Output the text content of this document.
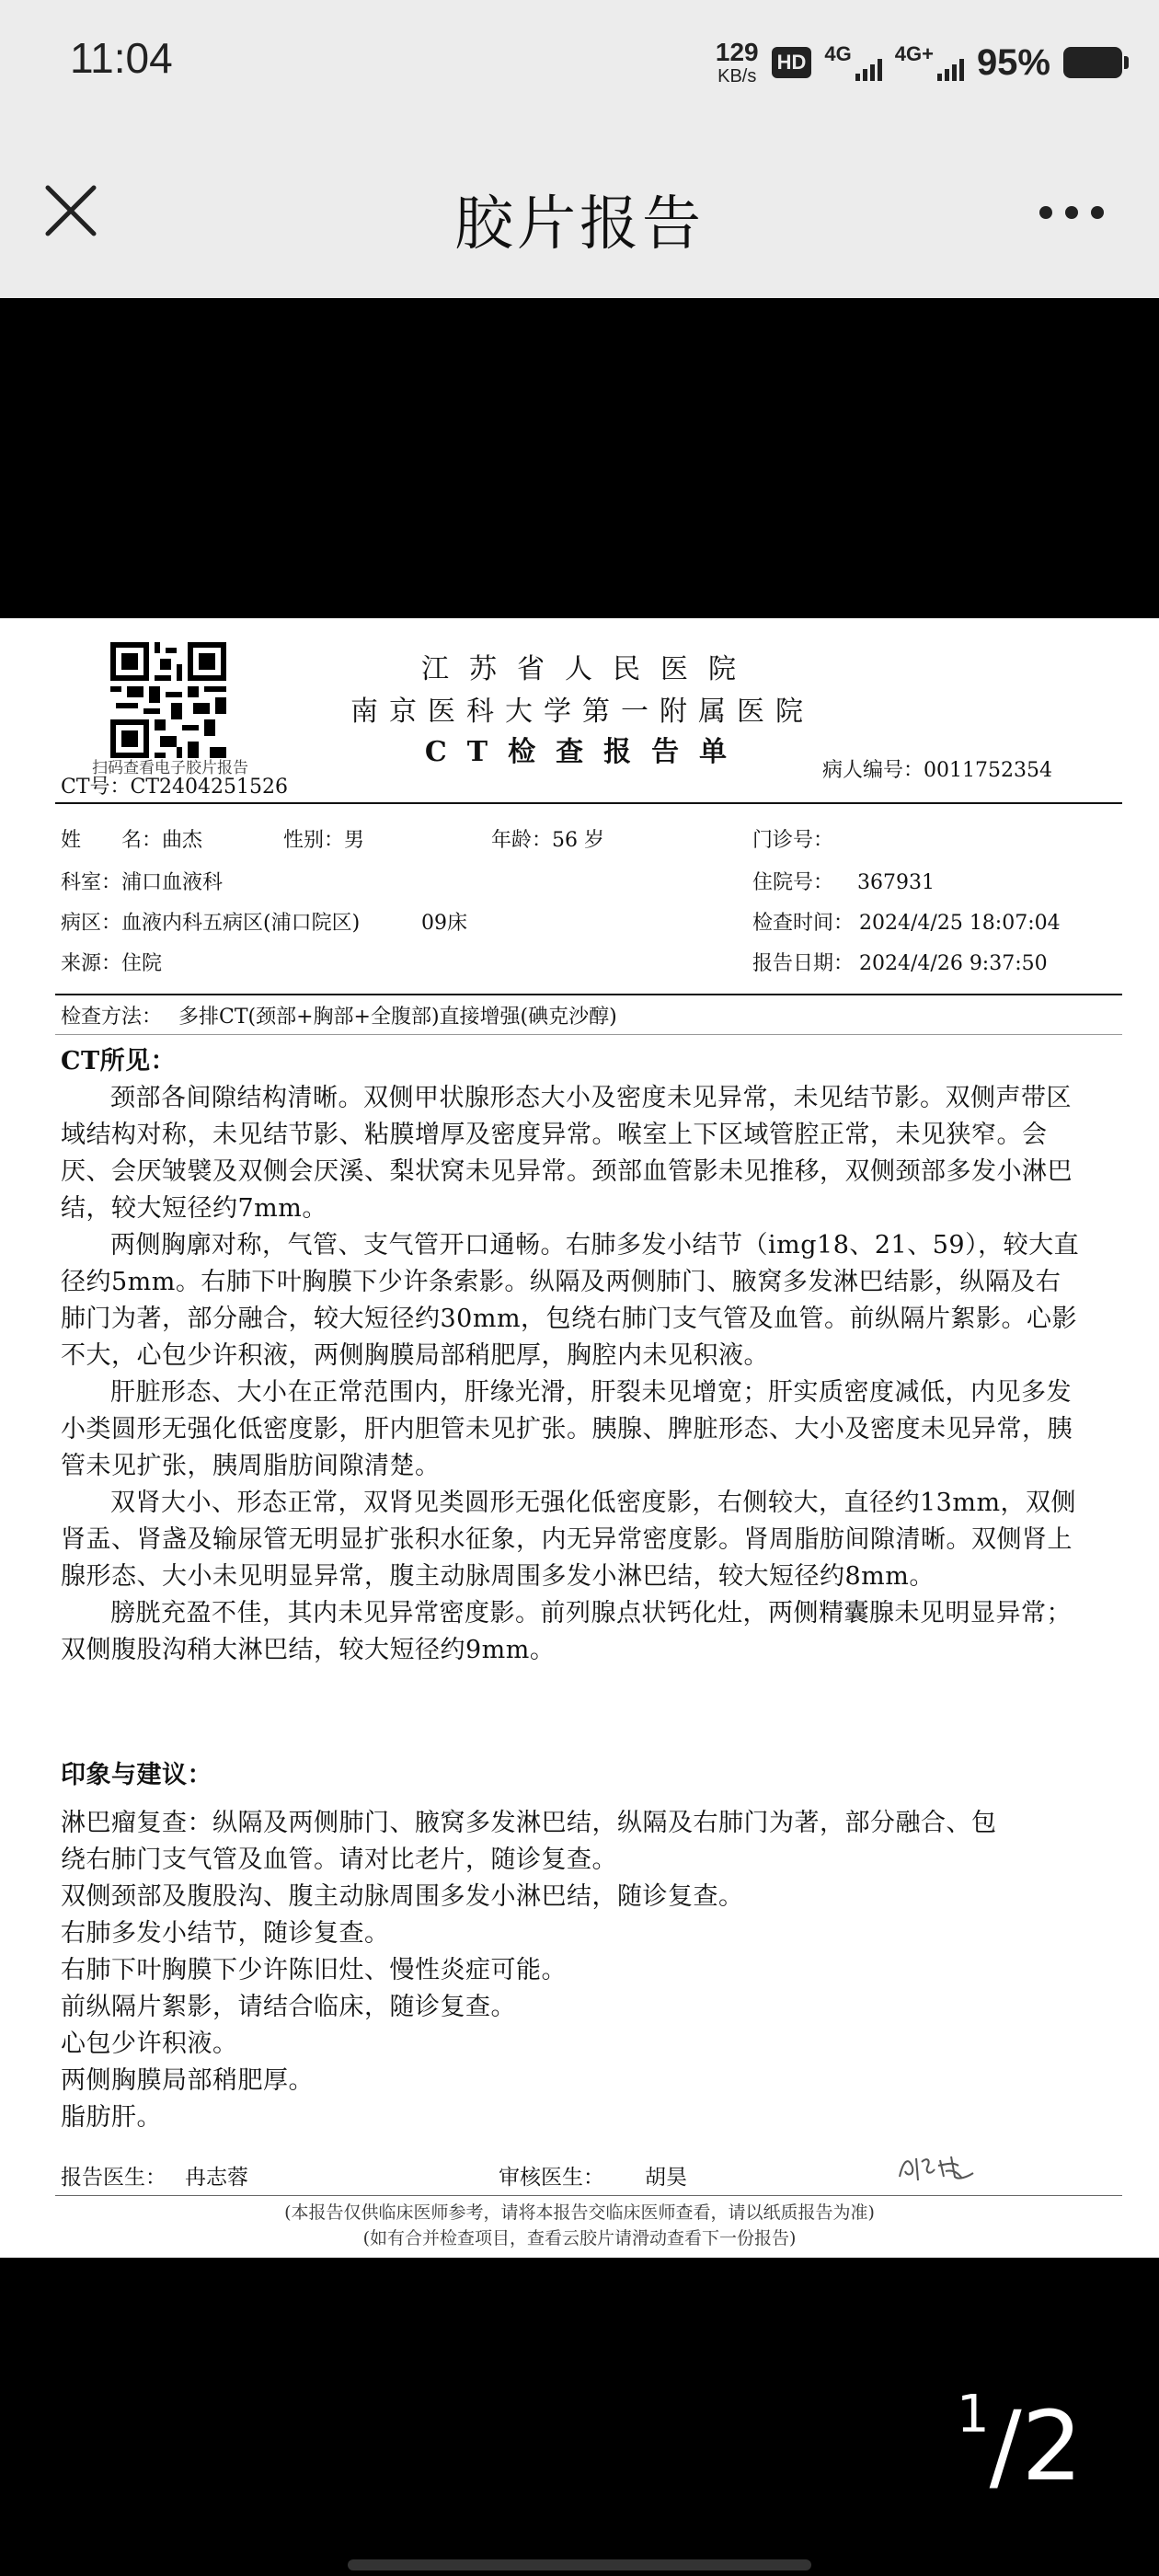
11:04	129
KB/s
HD 4G 4G+ 95%
胶片报告
扫码查看电子胶片报告
CT号：CT2404251526
江苏省人民医院
南京医科大学第一附属医院
CT检查报告单
病人编号：0011752354
姓　　名：曲杰	性别：男	年龄：56 岁	门诊号：
科室：浦口血液科	住院号： 367931
病区：血液内科五病区(浦口院区)	09床	检查时间： 2024/4/25 18:07:04
来源：住院	报告日期： 2024/4/26 9:37:50
检查方法： 多排CT(颈部+胸部+全腹部)直接增强(碘克沙醇)
CT所见：
颈部各间隙结构清晰。双侧甲状腺形态大小及密度未见异常，未见结节影。双侧声带区域结构对称，未见结节影、粘膜增厚及密度异常。喉室上下区域管腔正常，未见狭窄。会厌、会厌皱襞及双侧会厌溪、梨状窝未见异常。颈部血管影未见推移，双侧颈部多发小淋巴结，较大短径约7mm。
两侧胸廓对称，气管、支气管开口通畅。右肺多发小结节（img18、21、59），较大直径约5mm。右肺下叶胸膜下少许条索影。纵隔及两侧肺门、腋窝多发淋巴结影，纵隔及右肺门为著，部分融合，较大短径约30mm，包绕右肺门支气管及血管。前纵隔片絮影。心影不大，心包少许积液，两侧胸膜局部稍肥厚，胸腔内未见积液。
肝脏形态、大小在正常范围内，肝缘光滑，肝裂未见增宽；肝实质密度减低，内见多发小类圆形无强化低密度影，肝内胆管未见扩张。胰腺、脾脏形态、大小及密度未见异常，胰管未见扩张，胰周脂肪间隙清楚。
双肾大小、形态正常，双肾见类圆形无强化低密度影，右侧较大，直径约13mm，双侧肾盂、肾盏及输尿管无明显扩张积水征象，内无异常密度影。肾周脂肪间隙清晰。双侧肾上腺形态、大小未见明显异常，腹主动脉周围多发小淋巴结，较大短径约8mm。
膀胱充盈不佳，其内未见异常密度影。前列腺点状钙化灶，两侧精囊腺未见明显异常；双侧腹股沟稍大淋巴结，较大短径约9mm。
印象与建议：
淋巴瘤复查：纵隔及两侧肺门、腋窝多发淋巴结，纵隔及右肺门为著，部分融合、包绕右肺门支气管及血管。请对比老片，随诊复查。
双侧颈部及腹股沟、腹主动脉周围多发小淋巴结，随诊复查。
右肺多发小结节，随诊复查。
右肺下叶胸膜下少许陈旧灶、慢性炎症可能。
前纵隔片絮影，请结合临床，随诊复查。
心包少许积液。
两侧胸膜局部稍肥厚。
脂肪肝。
报告医生： 冉志蓉	审核医生： 胡昊
(本报告仅供临床医师参考，请将本报告交临床医师查看，请以纸质报告为准)
(如有合并检查项目，查看云胶片请滑动查看下一份报告)
1/2
